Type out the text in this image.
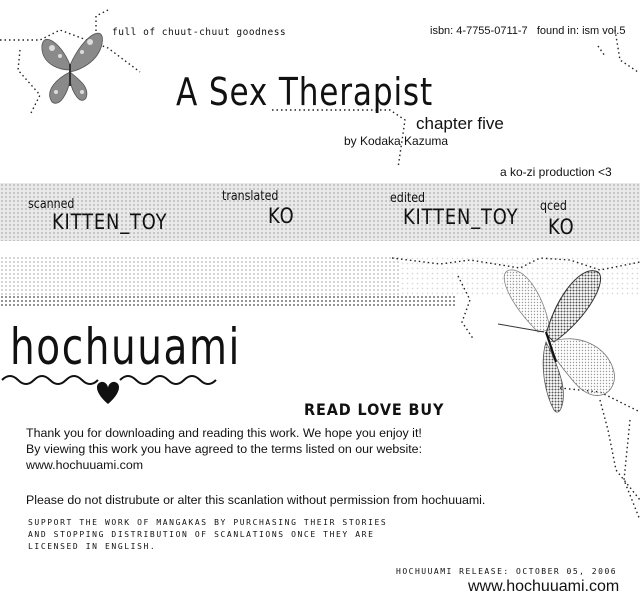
full of chuut-chuut goodness	isbn: 4-7755-0711-7 found in: ism vol.5
A Sex Therapist
chapter five
by Kodaka Kazuma
a ko-zi production <3
scanned
KITTEN_TOY
translated
KO
edited
KITTEN_TOY qced
KO
hochuuami
READ LOVE BUY
Thank you for downloading and reading this work. We hope you enjoy it!
By viewing this work you have agreed to the terms listed on our website:
www.hochuuami.com
Please do not distrubute or alter this scanlation without permission from hochuuami.
SUPPORT THE WORK OF MANGAKAS BY PURCHASING THEIR STORIES
AND STOPPING DISTRIBUTION OF SCANLATIONS ONCE THEY ARE
LICENSED IN ENGLISH.
HOCHUUAMI RELEASE: OCTOBER 05, 2006
www.hochuuami.com
